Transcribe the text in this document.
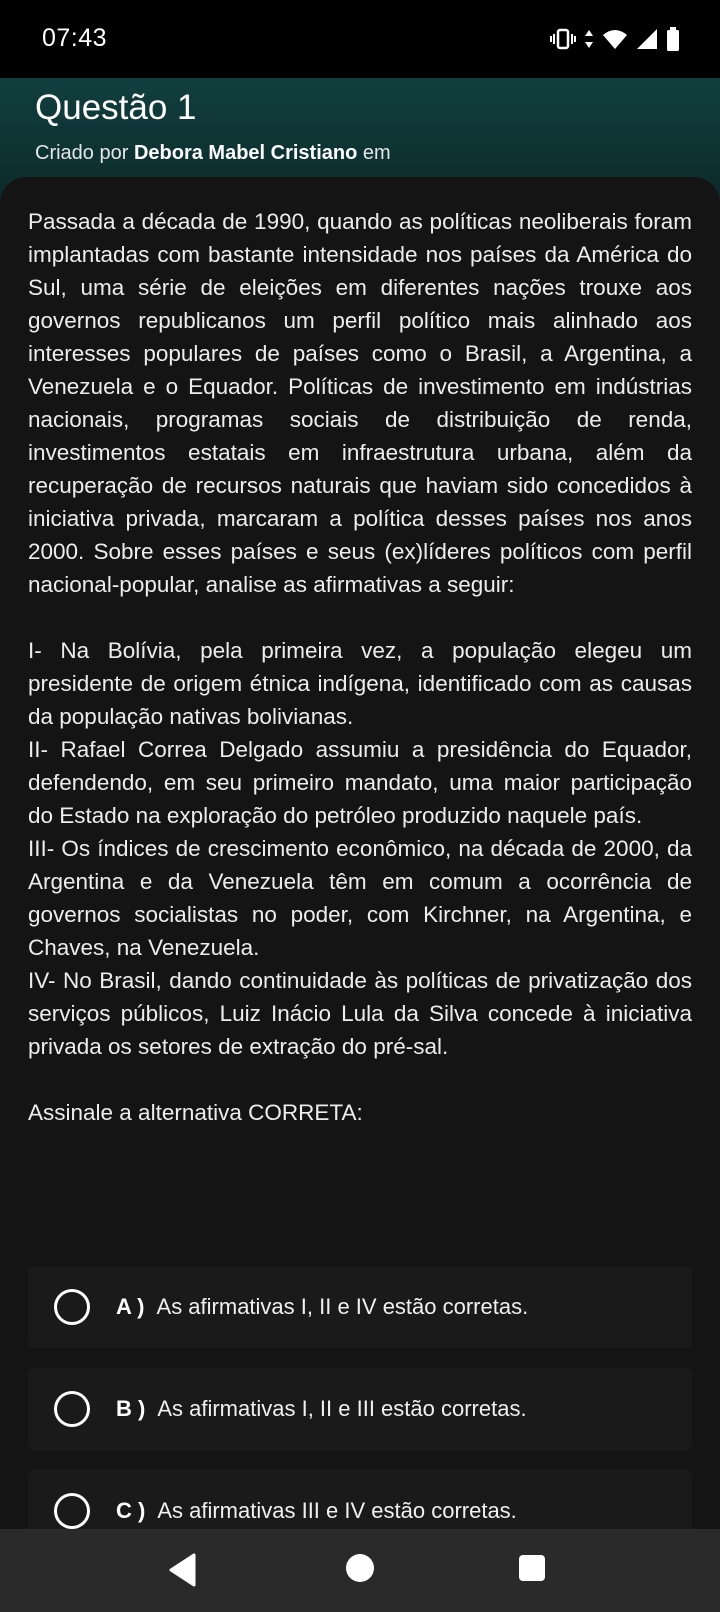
07:43
Questão 1
Criado por Debora Mabel Cristiano em
Passada a década de 1990, quando as políticas neoliberais foram implantadas com bastante intensidade nos países da América do Sul, uma série de eleições em diferentes nações trouxe aos governos republicanos um perfil político mais alinhado aos interesses populares de países como o Brasil, a Argentina, a Venezuela e o Equador. Políticas de investimento em indústrias nacionais, programas sociais de distribuição de renda, investimentos estatais em infraestrutura urbana, além da recuperação de recursos naturais que haviam sido concedidos à iniciativa privada, marcaram a política desses países nos anos 2000. Sobre esses países e seus (ex)líderes políticos com perfil nacional-popular, analise as afirmativas a seguir:

I- Na Bolívia, pela primeira vez, a população elegeu um presidente de origem étnica indígena, identificado com as causas da população nativas bolivianas.
II- Rafael Correa Delgado assumiu a presidência do Equador, defendendo, em seu primeiro mandato, uma maior participação do Estado na exploração do petróleo produzido naquele país.
III- Os índices de crescimento econômico, na década de 2000, da Argentina e da Venezuela têm em comum a ocorrência de governos socialistas no poder, com Kirchner, na Argentina, e Chaves, na Venezuela.
IV- No Brasil, dando continuidade às políticas de privatização dos serviços públicos, Luiz Inácio Lula da Silva concede à iniciativa privada os setores de extração do pré-sal.

Assinale a alternativa CORRETA:
A ) As afirmativas I, II e IV estão corretas.
B ) As afirmativas I, II e III estão corretas.
C ) As afirmativas III e IV estão corretas.
